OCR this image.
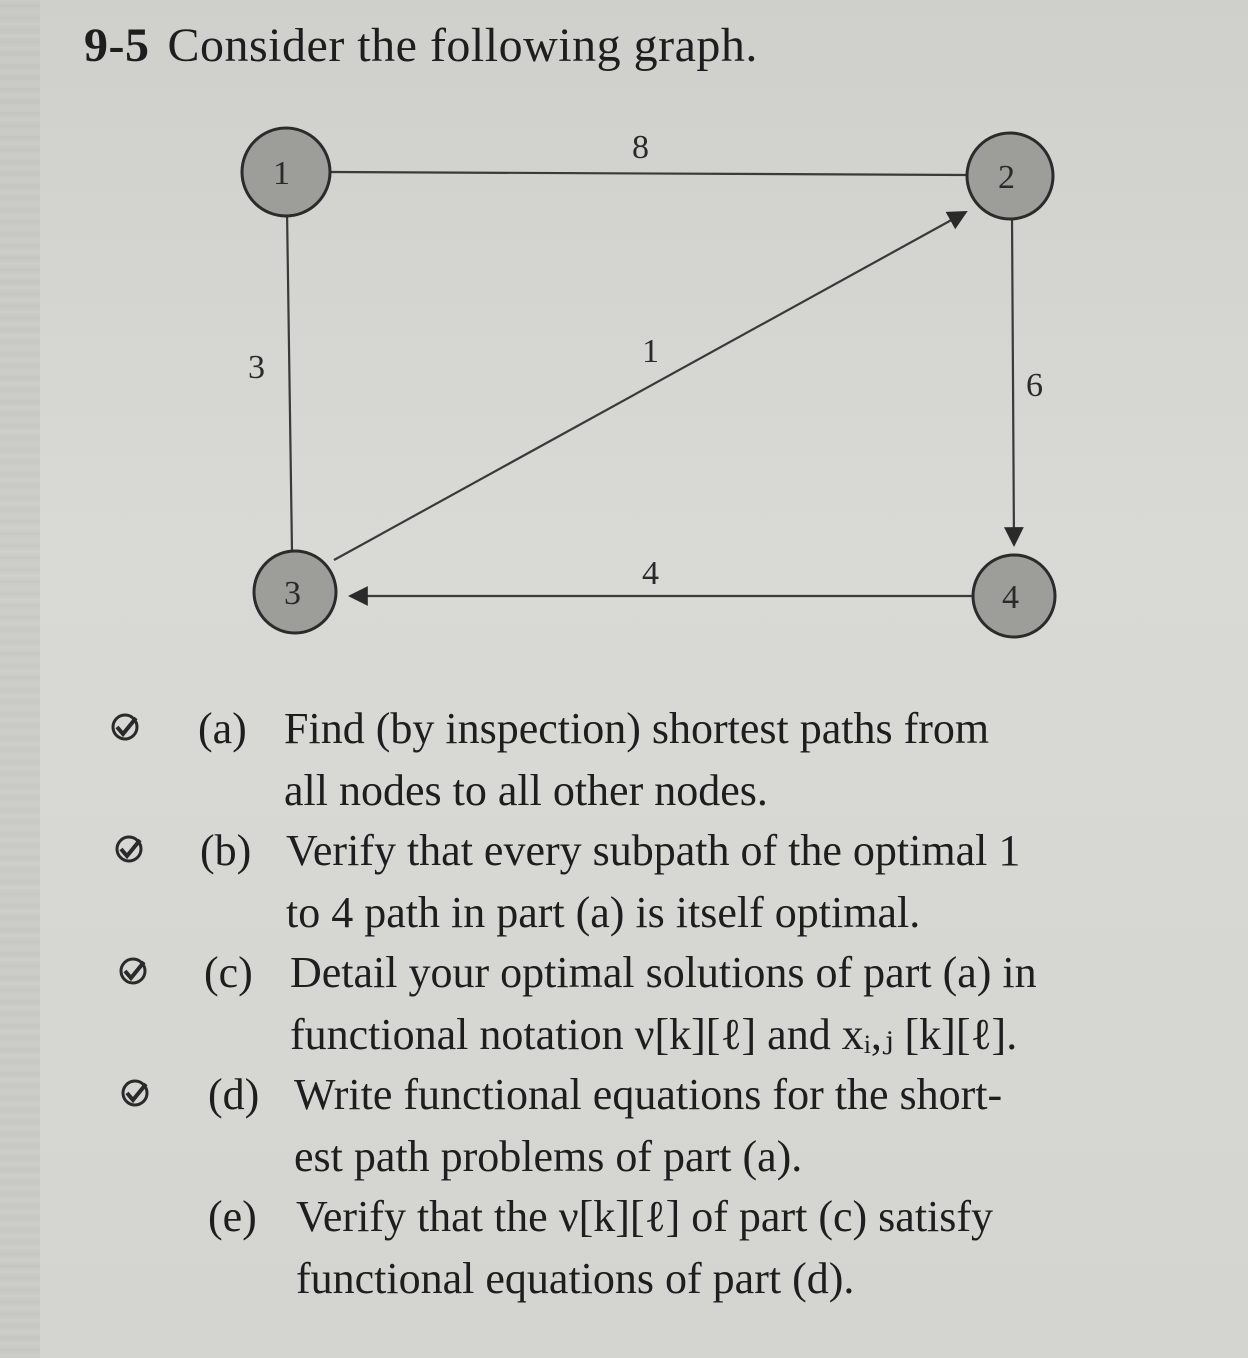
9-5 Consider the following graph.
8
3	1
6
4
1	2
3	4
(a) Find (by inspection) shortest paths from
all nodes to all other nodes.
(b) Verify that every subpath of the optimal 1
to 4 path in part (a) is itself optimal.
(c) Detail your optimal solutions of part (a) in
functional notation ν[k][ℓ] and xᵢ,ⱼ [k][ℓ].
(d) Write functional equations for the short-
est path problems of part (a).
(e) Verify that the ν[k][ℓ] of part (c) satisfy
functional equations of part (d).
